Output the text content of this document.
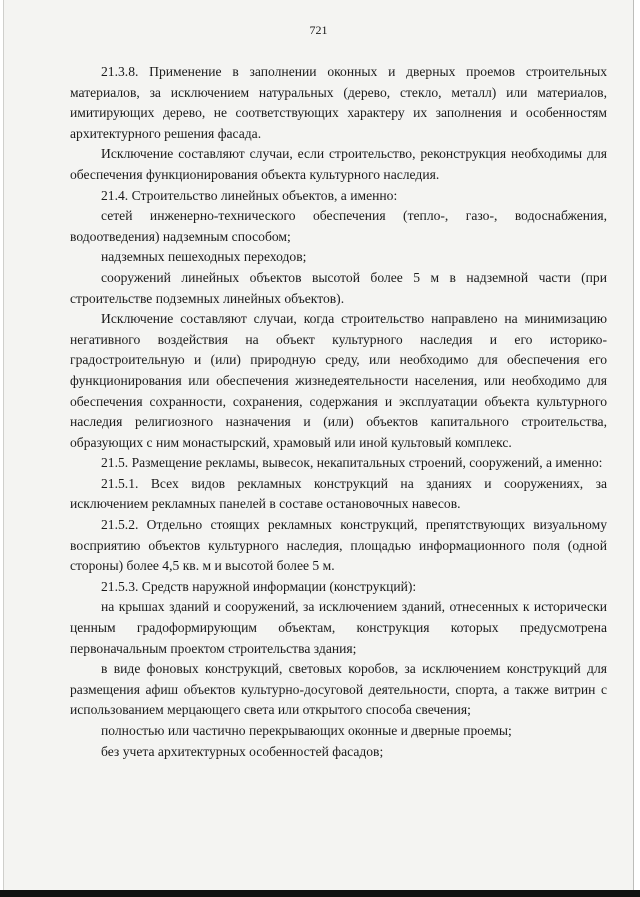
721

21.3.8. Применение в заполнении оконных и дверных проемов строительных материалов, за исключением натуральных (дерево, стекло, металл) или материалов, имитирующих дерево, не соответствующих характеру их заполнения и особенностям архитектурного решения фасада.

Исключение составляют случаи, если строительство, реконструкция необходимы для обеспечения функционирования объекта культурного наследия.

21.4. Строительство линейных объектов, а именно:

сетей инженерно-технического обеспечения (тепло-, газо-, водоснабжения, водоотведения) надземным способом;

надземных пешеходных переходов;

сооружений линейных объектов высотой более 5 м в надземной части (при строительстве подземных линейных объектов).

Исключение составляют случаи, когда строительство направлено на минимизацию негативного воздействия на объект культурного наследия и его историко-градостроительную и (или) природную среду, или необходимо для обеспечения его функционирования или обеспечения жизнедеятельности населения, или необходимо для обеспечения сохранности, сохранения, содержания и эксплуатации объекта культурного наследия религиозного назначения и (или) объектов капитального строительства, образующих с ним монастырский, храмовый или иной культовый комплекс.

21.5. Размещение рекламы, вывесок, некапитальных строений, сооружений, а именно:

21.5.1. Всех видов рекламных конструкций на зданиях и сооружениях, за исключением рекламных панелей в составе остановочных навесов.

21.5.2. Отдельно стоящих рекламных конструкций, препятствующих визуальному восприятию объектов культурного наследия, площадью информационного поля (одной стороны) более 4,5 кв. м и высотой более 5 м.

21.5.3. Средств наружной информации (конструкций):

на крышах зданий и сооружений, за исключением зданий, отнесенных к исторически ценным градоформирующим объектам, конструкция которых предусмотрена первоначальным проектом строительства здания;

в виде фоновых конструкций, световых коробов, за исключением конструкций для размещения афиш объектов культурно-досуговой деятельности, спорта, а также витрин с использованием мерцающего света или открытого способа свечения;

полностью или частично перекрывающих оконные и дверные проемы;

без учета архитектурных особенностей фасадов;
